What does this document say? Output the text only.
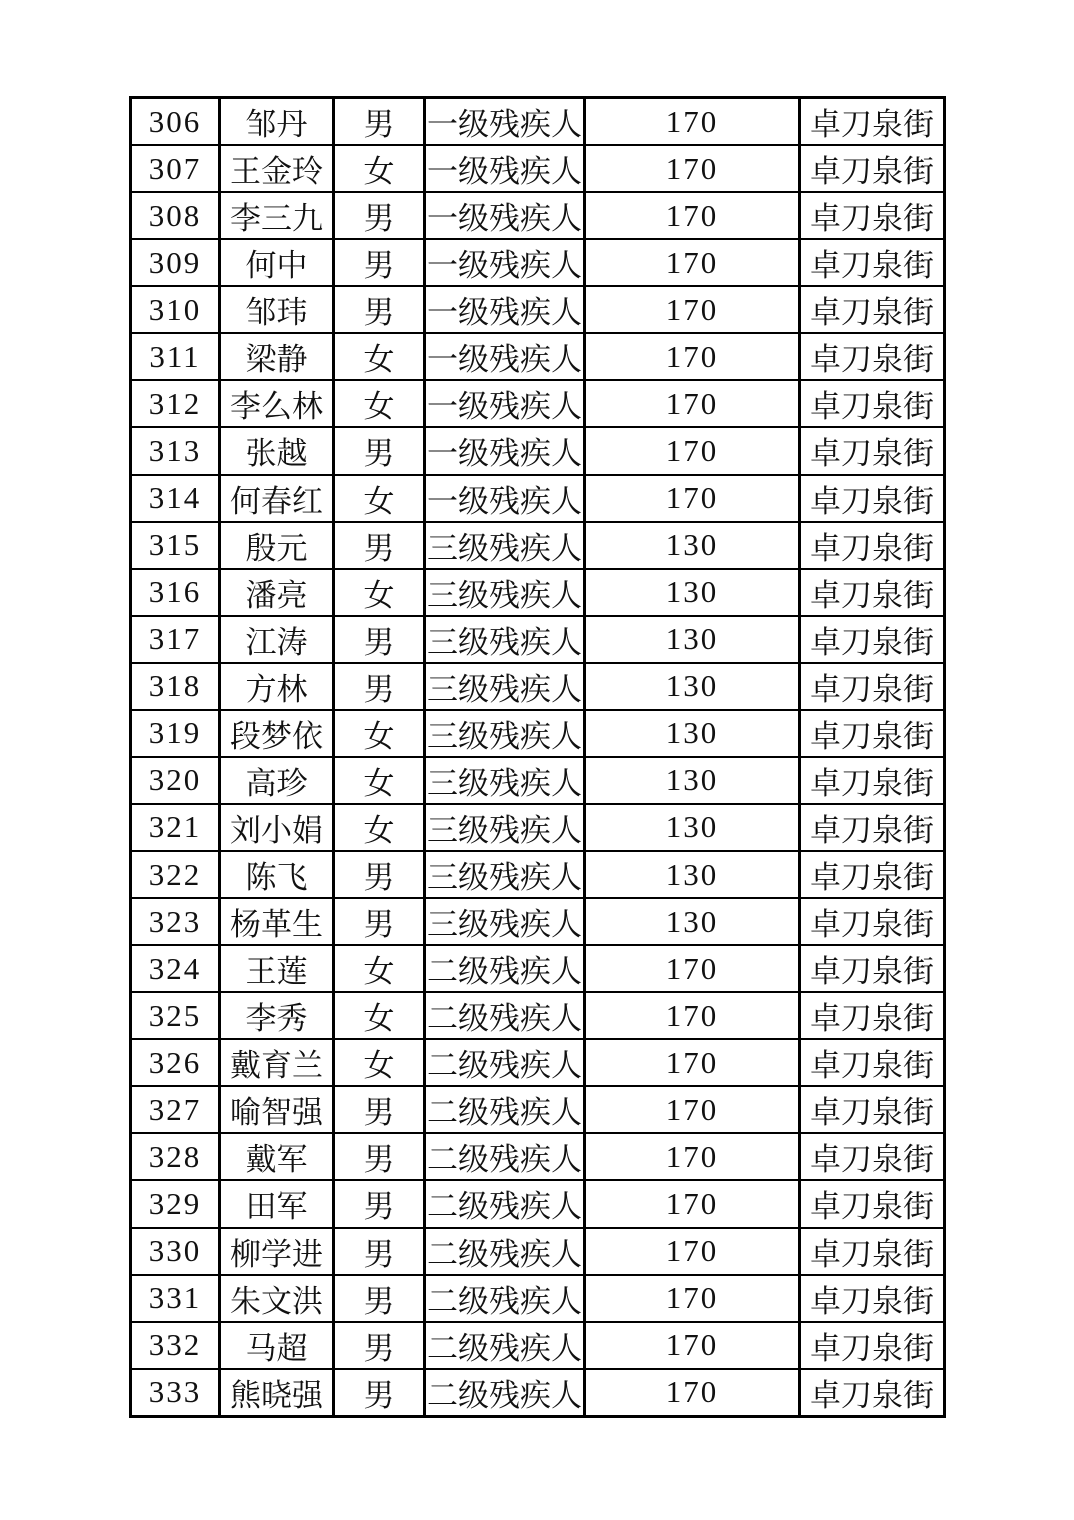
306	邹丹	男	一级残疾人	170	卓刀泉街
307	王金玲	女	一级残疾人	170	卓刀泉街
308	李三九	男	一级残疾人	170	卓刀泉街
309	何中	男	一级残疾人	170	卓刀泉街
310	邹玮	男	一级残疾人	170	卓刀泉街
311	梁静	女	一级残疾人	170	卓刀泉街
312	李么林	女	一级残疾人	170	卓刀泉街
313	张越	男	一级残疾人	170	卓刀泉街
314	何春红	女	一级残疾人	170	卓刀泉街
315	殷元	男	三级残疾人	130	卓刀泉街
316	潘亮	女	三级残疾人	130	卓刀泉街
317	江涛	男	三级残疾人	130	卓刀泉街
318	方林	男	三级残疾人	130	卓刀泉街
319	段梦依	女	三级残疾人	130	卓刀泉街
320	高珍	女	三级残疾人	130	卓刀泉街
321	刘小娟	女	三级残疾人	130	卓刀泉街
322	陈飞	男	三级残疾人	130	卓刀泉街
323	杨革生	男	三级残疾人	130	卓刀泉街
324	王莲	女	二级残疾人	170	卓刀泉街
325	李秀	女	二级残疾人	170	卓刀泉街
326	戴育兰	女	二级残疾人	170	卓刀泉街
327	喻智强	男	二级残疾人	170	卓刀泉街
328	戴军	男	二级残疾人	170	卓刀泉街
329	田军	男	二级残疾人	170	卓刀泉街
330	柳学进	男	二级残疾人	170	卓刀泉街
331	朱文洪	男	二级残疾人	170	卓刀泉街
332	马超	男	二级残疾人	170	卓刀泉街
333	熊晓强	男	二级残疾人	170	卓刀泉街
